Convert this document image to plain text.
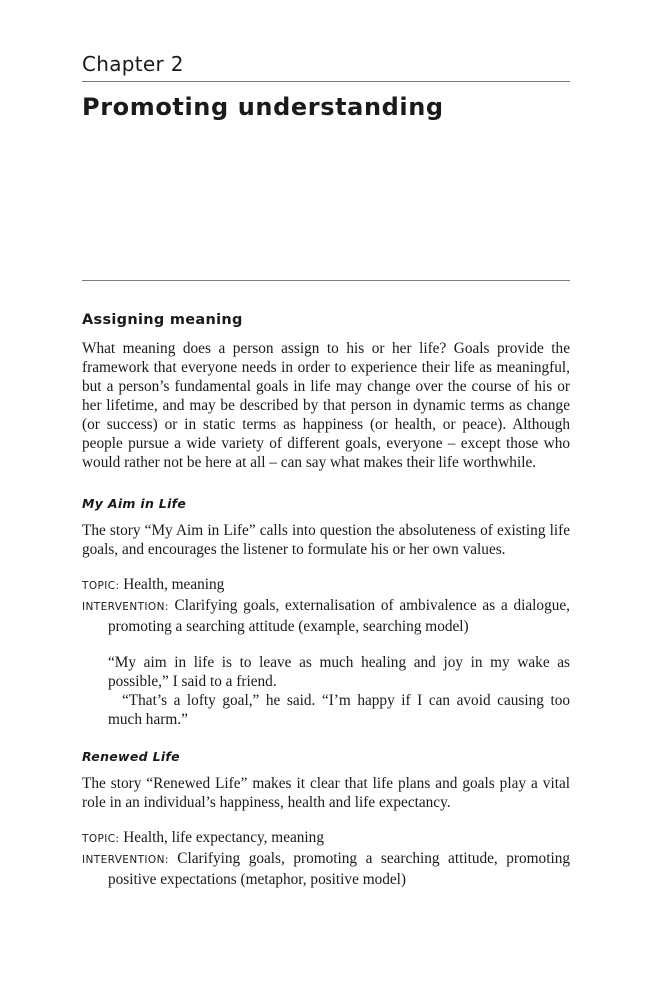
Chapter 2
Promoting understanding
Assigning meaning

What meaning does a person assign to his or her life? Goals provide the framework that everyone needs in order to experience their life as meaningful, but a person’s fundamental goals in life may change over the course of his or her lifetime, and may be described by that person in dynamic terms as change (or success) or in static terms as happiness (or health, or peace). Although people pursue a wide variety of different goals, everyone – except those who would rather not be here at all – can say what makes their life worthwhile.

My Aim in Life

The story “My Aim in Life” calls into question the absoluteness of existing life goals, and encourages the listener to formulate his or her own values.

TOPIC: Health, meaning

INTERVENTION: Clarifying goals, externalisation of ambivalence as a dialogue, promoting a searching attitude (example, searching model)

“My aim in life is to leave as much healing and joy in my wake as possible,” I said to a friend.

“That’s a lofty goal,” he said. “I’m happy if I can avoid causing too much harm.”

Renewed Life

The story “Renewed Life” makes it clear that life plans and goals play a vital role in an individual’s happiness, health and life expectancy.

TOPIC: Health, life expectancy, meaning

INTERVENTION: Clarifying goals, promoting a searching attitude, promoting positive expectations (metaphor, positive model)
